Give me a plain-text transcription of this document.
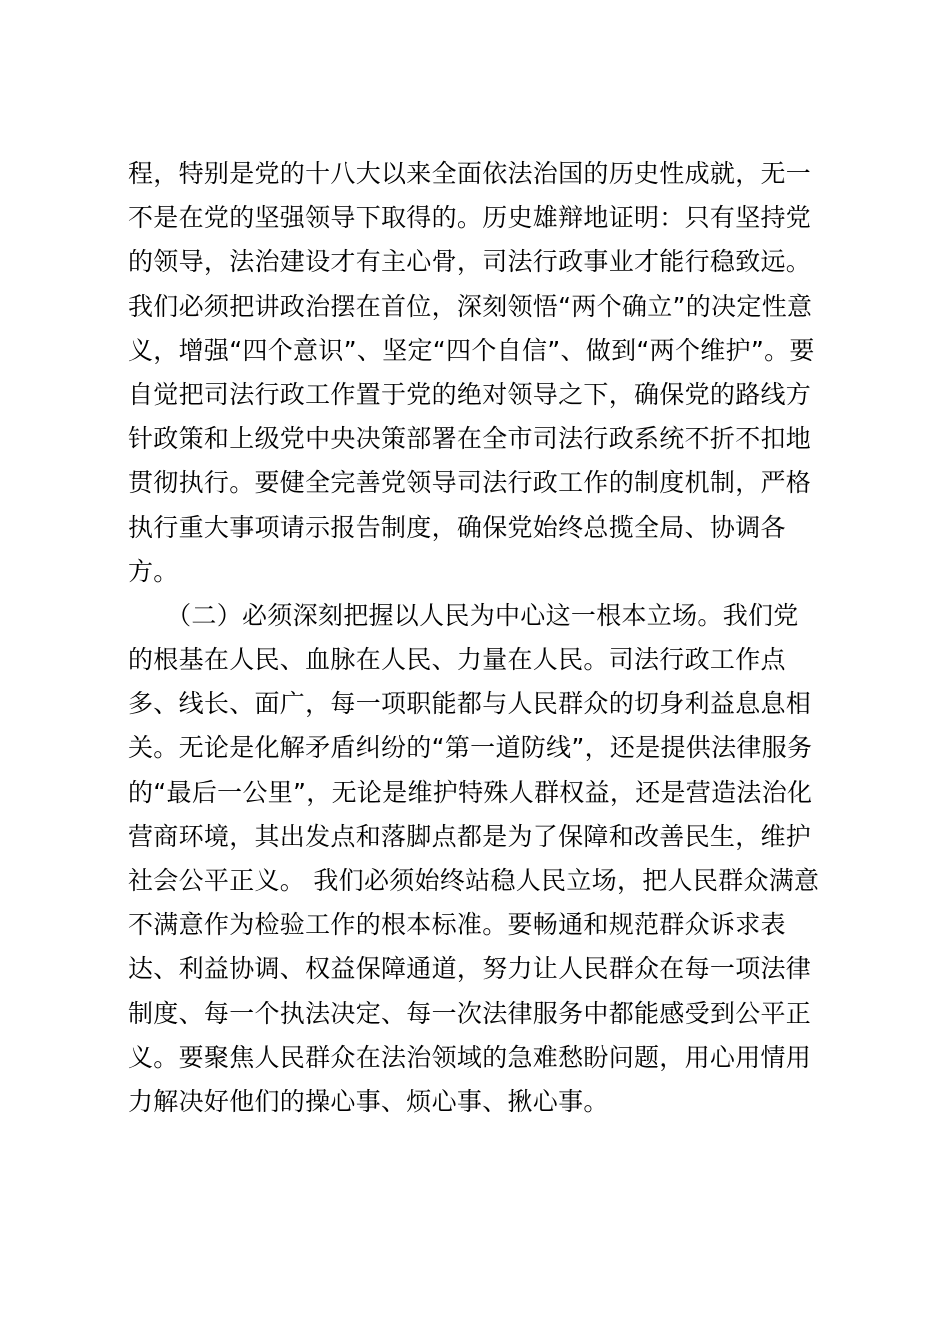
程，特别是党的十八大以来全面依法治国的历史性成就，无一
不是在党的坚强领导下取得的。历史雄辩地证明：只有坚持党
的领导，法治建设才有主心骨，司法行政事业才能行稳致远。
我们必须把讲政治摆在首位，深刻领悟“两个确立”的决定性意
义，增强“四个意识”、坚定“四个自信”、做到“两个维护”。要
自觉把司法行政工作置于党的绝对领导之下，确保党的路线方
针政策和上级党中央决策部署在全市司法行政系统不折不扣地
贯彻执行。要健全完善党领导司法行政工作的制度机制，严格
执行重大事项请示报告制度，确保党始终总揽全局、协调各
方。
　　（二）必须深刻把握以人民为中心这一根本立场。我们党
的根基在人民、血脉在人民、力量在人民。司法行政工作点
多、线长、面广，每一项职能都与人民群众的切身利益息息相
关。无论是化解矛盾纠纷的“第一道防线”，还是提供法律服务
的“最后一公里”，无论是维护特殊人群权益，还是营造法治化
营商环境，其出发点和落脚点都是为了保障和改善民生，维护
社会公平正义。 我们必须始终站稳人民立场，把人民群众满意
不满意作为检验工作的根本标准。要畅通和规范群众诉求表
达、利益协调、权益保障通道，努力让人民群众在每一项法律
制度、每一个执法决定、每一次法律服务中都能感受到公平正
义。要聚焦人民群众在法治领域的急难愁盼问题，用心用情用
力解决好他们的操心事、烦心事、揪心事。
